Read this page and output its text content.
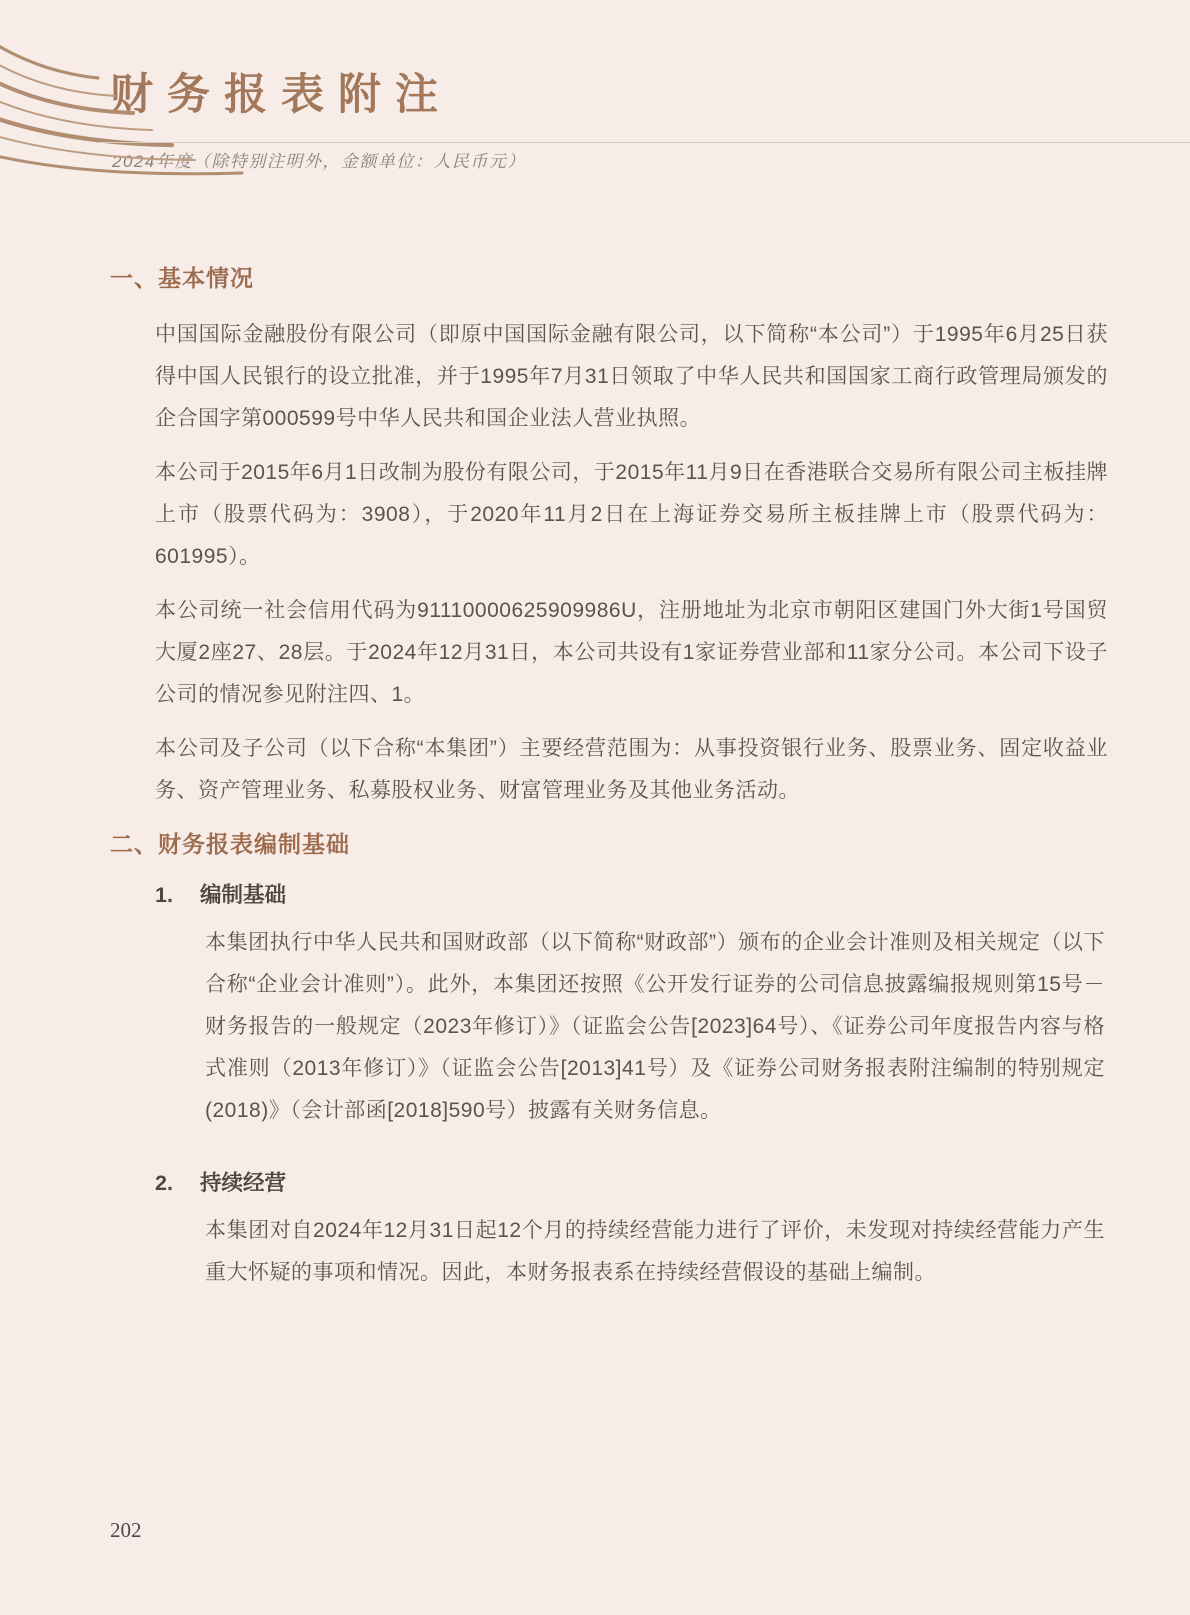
财务报表附注
2024年度（除特别注明外，金额单位：人民币元）
一、基本情况

中国国际金融股份有限公司（即原中国国际金融有限公司，以下简称“本公司”）于1995年6月25日获得中国人民银行的设立批准，并于1995年7月31日领取了中华人民共和国国家工商行政管理局颁发的企合国字第000599号中华人民共和国企业法人营业执照。

本公司于2015年6月1日改制为股份有限公司，于2015年11月9日在香港联合交易所有限公司主板挂牌上市（股票代码为：3908），于2020年11月2日在上海证券交易所主板挂牌上市（股票代码为：601995）。

本公司统一社会信用代码为91110000625909986U，注册地址为北京市朝阳区建国门外大街1号国贸大厦2座27、28层。于2024年12月31日，本公司共设有1家证券营业部和11家分公司。本公司下设子公司的情况参见附注四、1。

本公司及子公司（以下合称“本集团”）主要经营范围为：从事投资银行业务、股票业务、固定收益业务、资产管理业务、私募股权业务、财富管理业务及其他业务活动。

二、财务报表编制基础
1.	编制基础

本集团执行中华人民共和国财政部（以下简称“财政部”）颁布的企业会计准则及相关规定（以下合称“企业会计准则”）。此外，本集团还按照《公开发行证券的公司信息披露编报规则第15号－财务报告的一般规定（2023年修订）》（证监会公告[2023]64号）、《证券公司年度报告内容与格式准则（2013年修订）》（证监会公告[2013]41号）及《证券公司财务报表附注编制的特别规定(2018)》（会计部函[2018]590号）披露有关财务信息。

2.	持续经营

本集团对自2024年12月31日起12个月的持续经营能力进行了评价，未发现对持续经营能力产生重大怀疑的事项和情况。因此，本财务报表系在持续经营假设的基础上编制。

202
